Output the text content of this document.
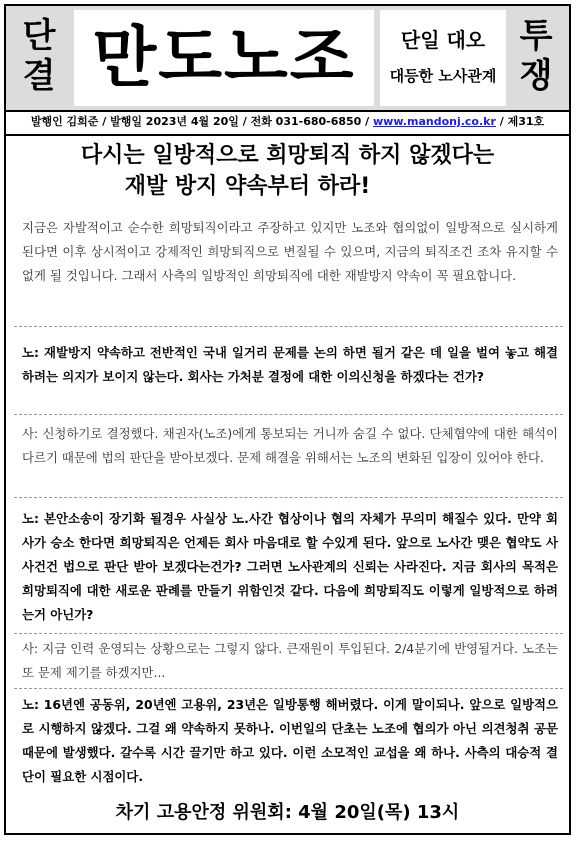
단
결 만도노조	단일 대오
대등한 노사관계
투
쟁
발행인 김희준 / 발행일 2023년 4월 20일 / 전화 031-680-6850 / www.mandonj.co.kr / 제31호
다시는 일방적으로 희망퇴직 하지 않겠다는
재발 방지 약속부터 하라!
지금은 자발적이고 순수한 희망퇴직이라고 주장하고 있지만 노조와 협의없이 일방적으로 실시하게 된다면 이후 상시적이고 강제적인 희망퇴직으로 변질될 수 있으며, 지금의 퇴직조건 조차 유지할 수 없게 될 것입니다. 그래서 사측의 일방적인 희망퇴직에 대한 재발방지 약속이 꼭 필요합니다.
노: 재발방지 약속하고 전반적인 국내 일거리 문제를 논의 하면 될거 같은 데 일을 벌여 놓고 해결하려는 의지가 보이지 않는다. 회사는 가처분 결정에 대한 이의신청을 하겠다는 건가?
사: 신청하기로 결정했다. 채권자(노조)에게 통보되는 거니까 숨길 수 없다. 단체협약에 대한 해석이 다르기 때문에 법의 판단을 받아보겠다. 문제 해결을 위해서는 노조의 변화된 입장이 있어야 한다.
노: 본안소송이 장기화 될경우 사실상 노.사간 협상이나 협의 자체가 무의미 해질수 있다. 만약 회사가 승소 한다면 희망퇴직은 언제든 회사 마음대로 할 수있게 된다. 앞으로 노사간 맺은 협약도 사사건건 법으로 판단 받아 보겠다는건가? 그러면 노사관계의 신뢰는 사라진다. 지금 회사의 목적은 희망퇴직에 대한 새로운 판례를 만들기 위함인것 같다. 다음에 희망퇴직도 이렇게 일방적으로 하려는거 아닌가?
사: 지금 인력 운영되는 상황으로는 그렇지 않다. 큰재원이 투입된다. 2/4분기에 반영될거다. 노조는 또 문제 제기를 하겠지만...
노: 16년엔 공동위, 20년엔 고용위, 23년은 일방통행 해버렸다. 이게 말이되나. 앞으로 일방적으로 시행하지 않겠다. 그걸 왜 약속하지 못하나. 이번일의 단초는 노조에 협의가 아닌 의견청취 공문 때문에 발생했다. 갈수록 시간 끌기만 하고 있다. 이런 소모적인 교섭을 왜 하나. 사측의 대승적 결단이 필요한 시점이다.
차기 고용안정 위원회: 4월 20일(목) 13시
